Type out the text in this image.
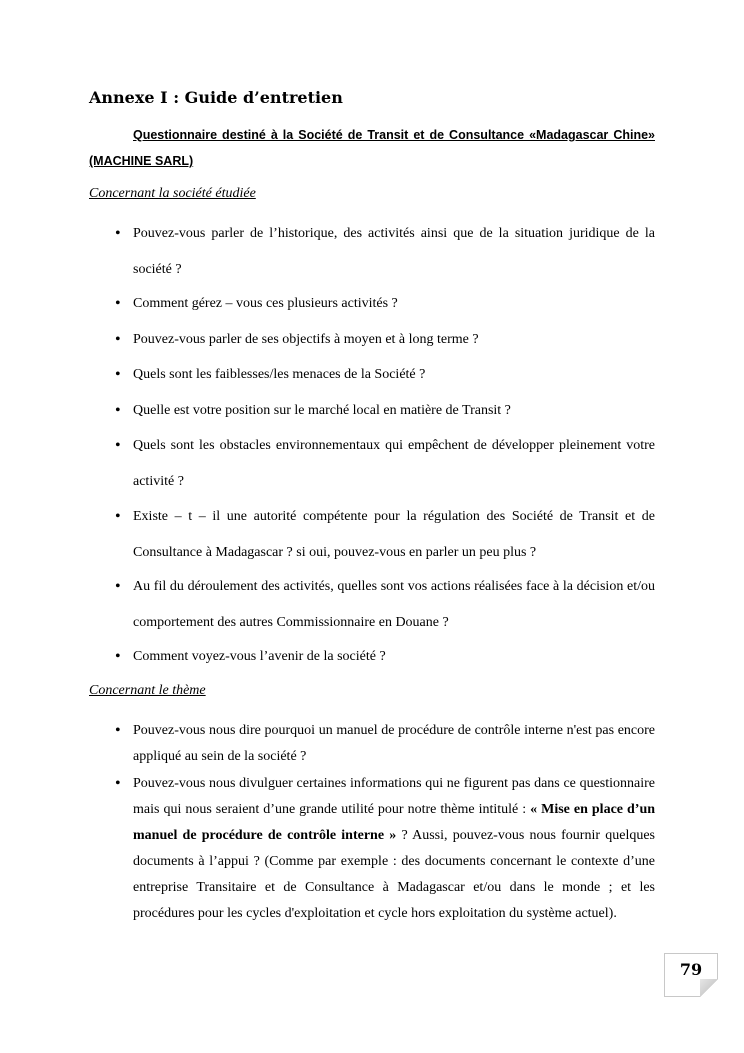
Annexe I : Guide d’entretien
Questionnaire destiné à la Société de Transit et de Consultance «Madagascar Chine» (MACHINE SARL)
Concernant la société étudiée
• Pouvez-vous parler de l’historique, des activités ainsi que de la situation juridique de la société ?
• Comment gérez – vous ces plusieurs activités ?
• Pouvez-vous parler de ses objectifs à moyen et à long terme ?
• Quels sont les faiblesses/les menaces de la Société ?
• Quelle est votre position sur le marché local en matière de Transit ?
• Quels sont les obstacles environnementaux qui empêchent de développer pleinement votre activité ?
• Existe – t – il une autorité compétente pour la régulation des Société de Transit et de Consultance à Madagascar ? si oui, pouvez-vous en parler un peu plus ?
• Au fil du déroulement des activités, quelles sont vos actions réalisées face à la décision et/ou comportement des autres Commissionnaire en Douane ?
• Comment voyez-vous l’avenir de la société ?
Concernant le thème
• Pouvez-vous nous dire pourquoi un manuel de procédure de contrôle interne n'est pas encore appliqué au sein de la société ?
• Pouvez-vous nous divulguer certaines informations qui ne figurent pas dans ce questionnaire mais qui nous seraient d’une grande utilité pour notre thème intitulé : « Mise en place d’un manuel de procédure de contrôle interne » ? Aussi, pouvez-vous nous fournir quelques documents à l’appui ? (Comme par exemple : des documents concernant le contexte d’une entreprise Transitaire et de Consultance à Madagascar et/ou dans le monde ; et les procédures pour les cycles d'exploitation et cycle hors exploitation du système actuel).
79
